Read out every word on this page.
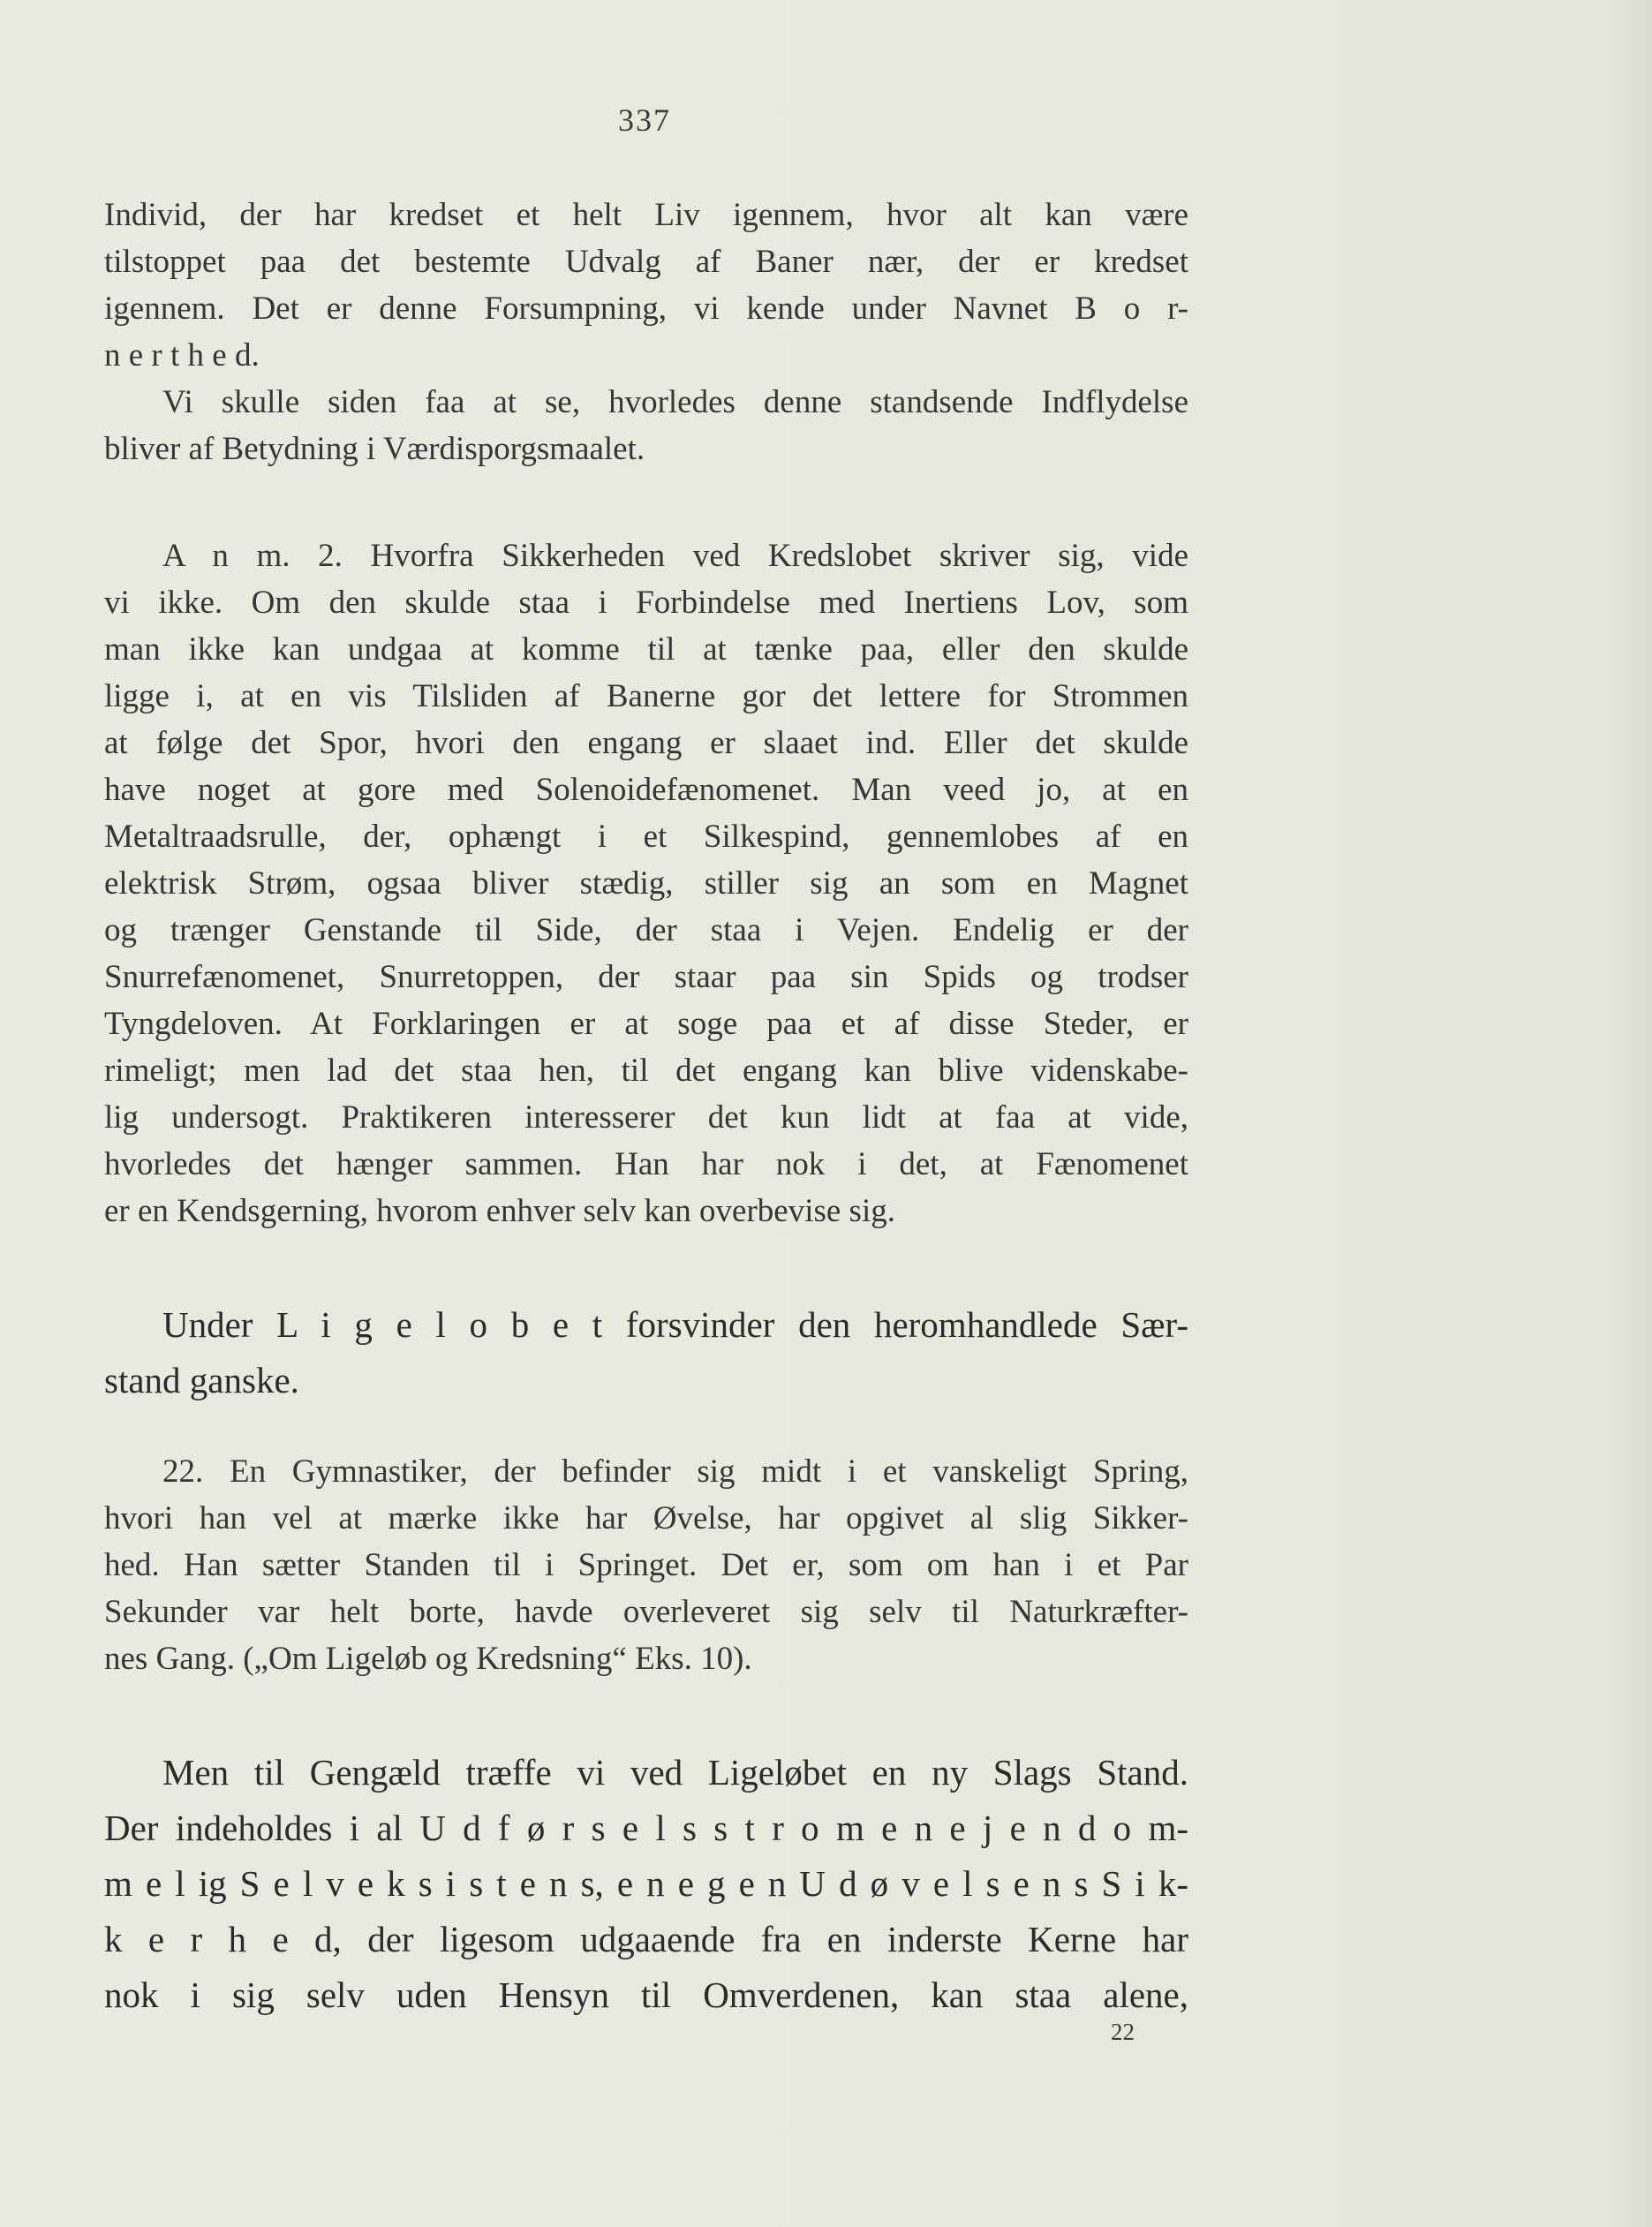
337

Individ, der har kredset et helt Liv igennem, hvor alt kan være

tilstoppet paa det bestemte Udvalg af Baner nær, der er kredset

igennem. Det er denne Forsumpning, vi kende under Navnet B o r-

n e r t h e d.

Vi skulle siden faa at se, hvorledes denne standsende Indflydelse

bliver af Betydning i Værdisporgsmaalet.

A n m. 2. Hvorfra Sikkerheden ved Kredslobet skriver sig, vide

vi ikke. Om den skulde staa i Forbindelse med Inertiens Lov, som

man ikke kan undgaa at komme til at tænke paa, eller den skulde

ligge i, at en vis Tilsliden af Banerne gor det lettere for Strommen

at følge det Spor, hvori den engang er slaaet ind. Eller det skulde

have noget at gore med Solenoidefænomenet. Man veed jo, at en

Metaltraadsrulle, der, ophængt i et Silkespind, gennemlobes af en

elektrisk Strøm, ogsaa bliver stædig, stiller sig an som en Magnet

og trænger Genstande til Side, der staa i Vejen. Endelig er der

Snurrefænomenet, Snurretoppen, der staar paa sin Spids og trodser

Tyngdeloven. At Forklaringen er at soge paa et af disse Steder, er

rimeligt; men lad det staa hen, til det engang kan blive videnskabe-

lig undersogt. Praktikeren interesserer det kun lidt at faa at vide,

hvorledes det hænger sammen. Han har nok i det, at Fænomenet

er en Kendsgerning, hvorom enhver selv kan overbevise sig.

Under L i g e l o b e t forsvinder den heromhandlede Sær-

stand ganske.

22. En Gymnastiker, der befinder sig midt i et vanskeligt Spring,

hvori han vel at mærke ikke har Øvelse, har opgivet al slig Sikker-

hed. Han sætter Standen til i Springet. Det er, som om han i et Par

Sekunder var helt borte, havde overleveret sig selv til Naturkræfter-

nes Gang. („Om Ligeløb og Kredsning“ Eks. 10).

Men til Gengæld træffe vi ved Ligeløbet en ny Slags Stand.

Der indeholdes i al U d f ø r s e l s s t r o m e n e j e n d o m-

m e l ig S e l v e k s i s t e n s, e n e g e n U d ø v e l s e n s S i k-

k e r h e d, der ligesom udgaaende fra en inderste Kerne har

nok i sig selv uden Hensyn til Omverdenen, kan staa alene,

22
